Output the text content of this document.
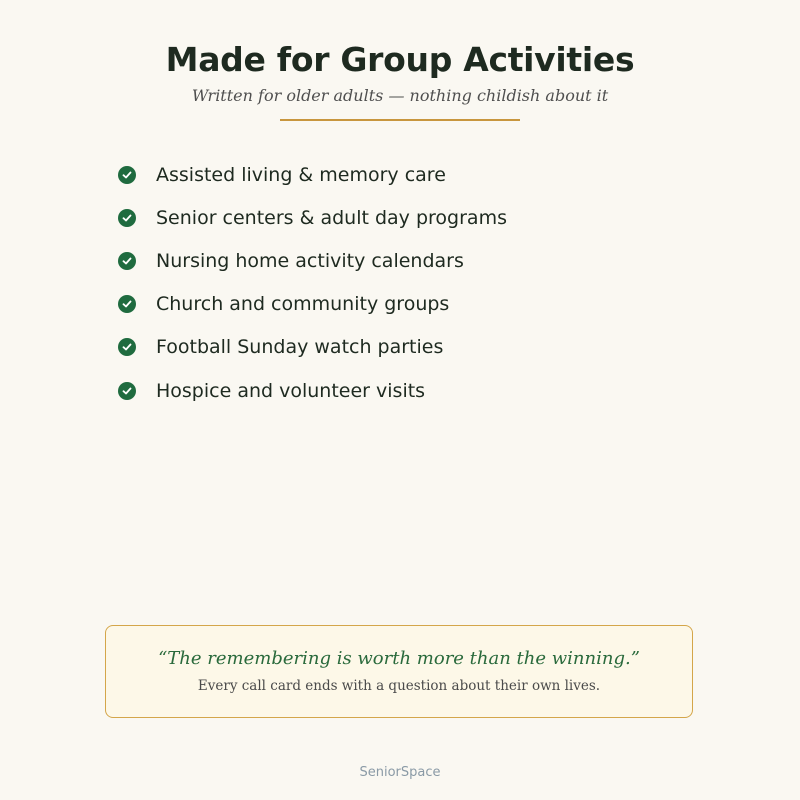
Made for Group Activities
Written for older adults — nothing childish about it
Assisted living & memory care
Senior centers & adult day programs
Nursing home activity calendars
Church and community groups
Football Sunday watch parties
Hospice and volunteer visits
“The remembering is worth more than the winning.”
Every call card ends with a question about their own lives.
SeniorSpace
